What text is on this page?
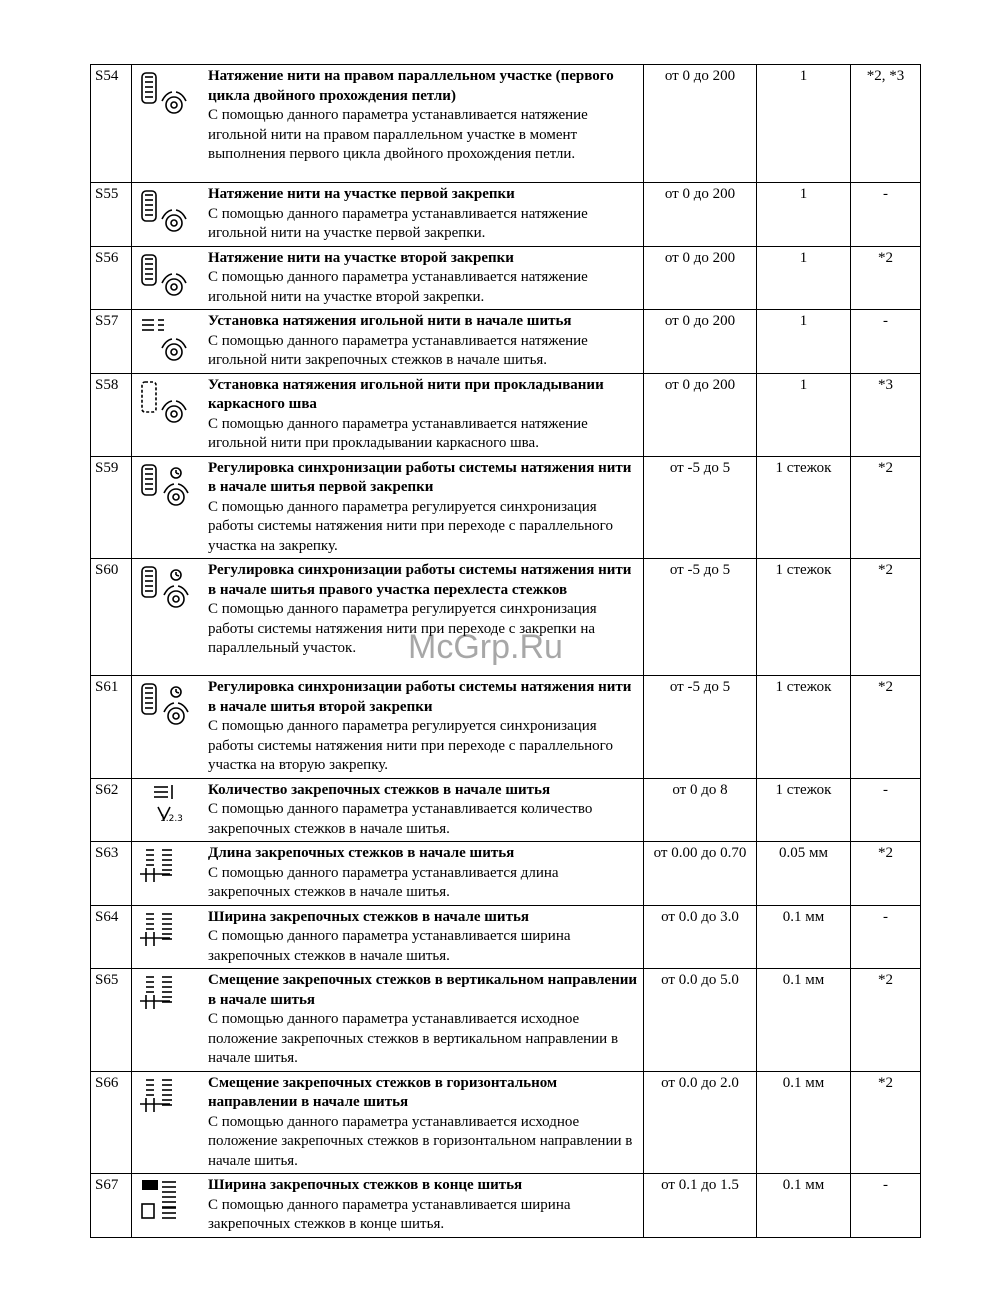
S54	Натяжение нити на правом параллельном участке (первого цикла двойного прохождения петли)
С помощью данного параметра устанавливается натяжение игольной нити на правом параллельном участке в момент выполнения первого цикла двойного прохождения петли.	от 0 до 200	1	*2, *3
S55	Натяжение нити на участке первой закрепки
С помощью данного параметра устанавливается натяжение игольной нити на участке первой закрепки.	от 0 до 200	1	-
S56	Натяжение нити на участке второй закрепки
С помощью данного параметра устанавливается натяжение игольной нити на участке второй закрепки.	от 0 до 200	1	*2
S57	Установка натяжения игольной нити в начале шитья
С помощью данного параметра устанавливается натяжение игольной нити закрепочных стежков в начале шитья.	от 0 до 200	1	-
S58	Установка натяжения игольной нити при прокладывании каркасного шва
С помощью данного параметра устанавливается натяжение игольной нити при прокладывании каркасного шва.	от 0 до 200	1	*3
S59	Регулировка синхронизации работы системы натяжения нити в начале шитья первой закрепки
С помощью данного параметра регулируется синхронизация работы системы натяжения нити при переходе с параллельного участка на закрепку.	от -5 до 5	1 стежок	*2
S60	Регулировка синхронизации работы системы натяжения нити в начале шитья правого участка перехлеста стежков
С помощью данного параметра регулируется синхронизация работы системы натяжения нити при переходе с закрепки на параллельный участок.	от -5 до 5	1 стежок	*2
S61	Регулировка синхронизации работы системы натяжения нити в начале шитья второй закрепки
С помощью данного параметра регулируется синхронизация работы системы натяжения нити при переходе с параллельного участка на вторую закрепку.	от -5 до 5	1 стежок	*2
S62	1.2.3
Количество закрепочных стежков в начале шитья
С помощью данного параметра устанавливается количество закрепочных стежков в начале шитья.	от 0 до 8	1 стежок	-
S63	Длина закрепочных стежков в начале шитья
С помощью данного параметра устанавливается длина закрепочных стежков в начале шитья.	от 0.00 до 0.70	0.05 мм	*2
S64	Ширина закрепочных стежков в начале шитья
С помощью данного параметра устанавливается ширина закрепочных стежков в начале шитья.	от 0.0 до 3.0	0.1 мм	-
S65	Смещение закрепочных стежков в вертикальном направлении в начале шитья
С помощью данного параметра устанавливается исходное положение закрепочных стежков в вертикальном направлении в начале шитья.	от 0.0 до 5.0	0.1 мм	*2
S66	Смещение закрепочных стежков в горизонтальном направлении в начале шитья
С помощью данного параметра устанавливается исходное положение закрепочных стежков в горизонтальном направлении в начале шитья.	от 0.0 до 2.0	0.1 мм	*2
S67	Ширина закрепочных стежков в конце шитья
С помощью данного параметра устанавливается ширина закрепочных стежков в конце шитья.	от 0.1 до 1.5	0.1 мм	-
McGrp.Ru
